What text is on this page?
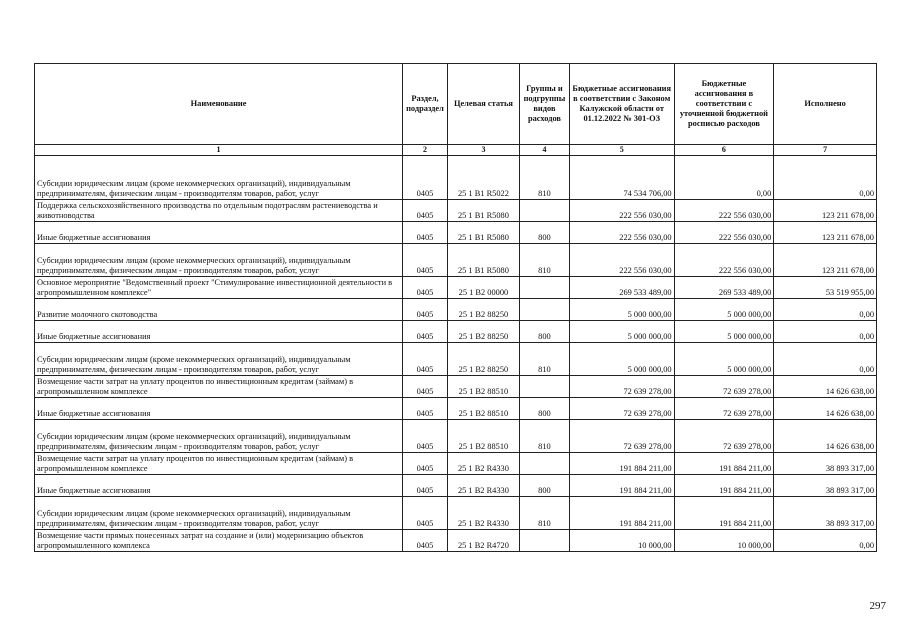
Наименование	Раздел, подраздел	Целевая статья	Группы и подгруппы видов расходов	Бюджетные ассигнования в соответствии с Законом Калужской области от 01.12.2022 № 301-ОЗ	Бюджетные ассигнования в соответствии с уточненной бюджетной росписью расходов	Исполнено
1	2	3	4	5	6	7
Субсидии юридическим лицам (кроме некоммерческих организаций), индивидуальным предпринимателям, физическим лицам - производителям товаров, работ, услуг	0405	25 1 В1 R5022	810	74 534 706,00	0,00	0,00
Поддержка сельскохозяйственного производства по отдельным подотраслям растениеводства и животноводства	0405	25 1 В1 R5080		222 556 030,00	222 556 030,00	123 211 678,00
Иные бюджетные ассигнования	0405	25 1 В1 R5080	800	222 556 030,00	222 556 030,00	123 211 678,00
Субсидии юридическим лицам (кроме некоммерческих организаций), индивидуальным предпринимателям, физическим лицам - производителям товаров, работ, услуг	0405	25 1 В1 R5080	810	222 556 030,00	222 556 030,00	123 211 678,00
Основное мероприятие "Ведомственный проект "Стимулирование инвестиционной деятельности в агропромышленном комплексе"	0405	25 1 В2 00000		269 533 489,00	269 533 489,00	53 519 955,00
Развитие молочного скотоводства	0405	25 1 В2 88250		5 000 000,00	5 000 000,00	0,00
Иные бюджетные ассигнования	0405	25 1 В2 88250	800	5 000 000,00	5 000 000,00	0,00
Субсидии юридическим лицам (кроме некоммерческих организаций), индивидуальным предпринимателям, физическим лицам - производителям товаров, работ, услуг	0405	25 1 В2 88250	810	5 000 000,00	5 000 000,00	0,00
Возмещение части затрат на уплату процентов по инвестиционным кредитам (займам) в агропромышленном комплексе	0405	25 1 В2 88510		72 639 278,00	72 639 278,00	14 626 638,00
Иные бюджетные ассигнования	0405	25 1 В2 88510	800	72 639 278,00	72 639 278,00	14 626 638,00
Субсидии юридическим лицам (кроме некоммерческих организаций), индивидуальным предпринимателям, физическим лицам - производителям товаров, работ, услуг	0405	25 1 В2 88510	810	72 639 278,00	72 639 278,00	14 626 638,00
Возмещение части затрат на уплату процентов по инвестиционным кредитам (займам) в агропромышленном комплексе	0405	25 1 В2 R4330		191 884 211,00	191 884 211,00	38 893 317,00
Иные бюджетные ассигнования	0405	25 1 В2 R4330	800	191 884 211,00	191 884 211,00	38 893 317,00
Субсидии юридическим лицам (кроме некоммерческих организаций), индивидуальным предпринимателям, физическим лицам - производителям товаров, работ, услуг	0405	25 1 В2 R4330	810	191 884 211,00	191 884 211,00	38 893 317,00
Возмещение части прямых понесенных затрат на создание и (или) модернизацию объектов агропромышленного комплекса	0405	25 1 В2 R4720		10 000,00	10 000,00	0,00
297
